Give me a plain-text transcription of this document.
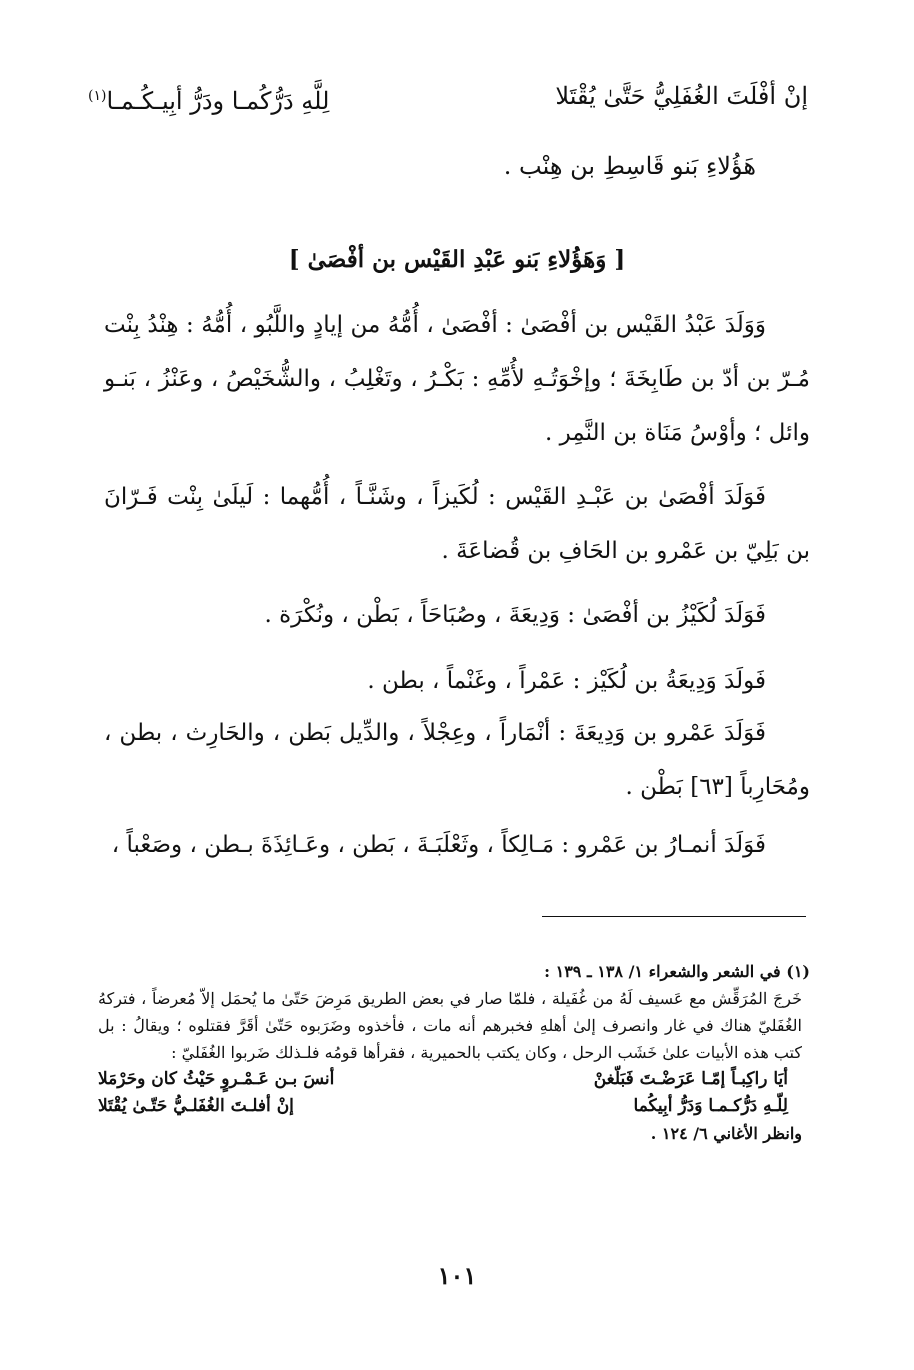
إنْ أفْلَتَ الغُفَلِيُّ حَتَّىٰ يُقْتَلا
لِلَّهِ دَرُّكُمـا ودَرُّ أبِيـكُـمـا$^{(١)}$
هَؤُلاءِ بَنو قَاسِطِ بن هِنْب .
[ وَهَؤُلاءِ بَنو عَبْدِ القَيْس بن أفْصَىٰ ]

وَوَلَدَ عَبْدُ القَيْس بن أفْصَىٰ : أفْصَىٰ ، أُمُّهُ من إيادٍ واللَّبُو ، أُمُّهُ : هِنْدُ بِنْت مُـرّ بن أدّ بن طَابِخَةَ ؛ وإخْوَتُـهِ لأُمِّهِ : بَكْـرُ ، وتَغْلِبُ ، والشُّخَيْصُ ، وعَنْزُ ، بَنـو وائل ؛ وأوْسُ مَنَاة بن النَّمِر .

فَوَلَدَ أفْصَىٰ بن عَبْـدِ القَيْس : لُكَيزاً ، وشَنَّـاً ، أُمُّهما : لَيلَىٰ بِنْت فَـرّانَ بن بَلِيّ بن عَمْرو بن الحَافِ بن قُضاعَةَ .

فَوَلَدَ لُكَيْزُ بن أفْصَىٰ : وَدِيعَةَ ، وصُبَاحَاً ، بَطْن ، ونُكْرَة .

فَولَدَ وَدِيعَةُ بن لُكَيْز : عَمْراً ، وغَنْماً ، بطن .

فَوَلَدَ عَمْرو بن وَدِيعَةَ : أنْمَاراً ، وعِجْلاً ، والدِّيل بَطن ، والحَارِث ، بطن ، ومُحَارِباً [٦٣] بَطْن .

فَوَلَدَ أنمـارُ بن عَمْرو : مَـالِكاً ، وثَعْلَبَـةَ ، بَطن ، وعَـائِذَةَ بـطن ، وصَعْباً ،

(١) في الشعر والشعراء ١/ ١٣٨ ـ ١٣٩ :
خَرجَ المُرَقِّش مع عَسيف لَهُ من غُفَيلة ، فلمّا صار في بعض الطريق مَرِضَ حَتّىٰ ما يُحمَل إلاّ مُعرضاً ، فتركهُ الغُفَليّ هناك في غار وانصرف إلىٰ أهلهِ فخبرهم أنه مات ، فأخذوه وضَرَبوه حَتّىٰ أقَرَّ فقتلوه ؛ ويقالُ : بل كتب هذه الأبيات علىٰ خَشَب الرحل ، وكان يكتب بالحميرية ، فقرأها قومُه فلـذلك ضَربوا الغُفَليّ :
أيَا راكِبـاً إمّـا عَرَضْـتَ فَبَلّغنْ
أنسَ بـن عَـمْـروٍ حَيْثُ كان وحَرْمَلا
لِلّـهِ دَرُّكـمـا وَدَرُّ أبِيكُما
إنْ أفلـتَ الغُفَلـيُّ حَتّـىٰ يُقْتَلا
وانظر الأغاني ٦/ ١٢٤ .
١٠١
